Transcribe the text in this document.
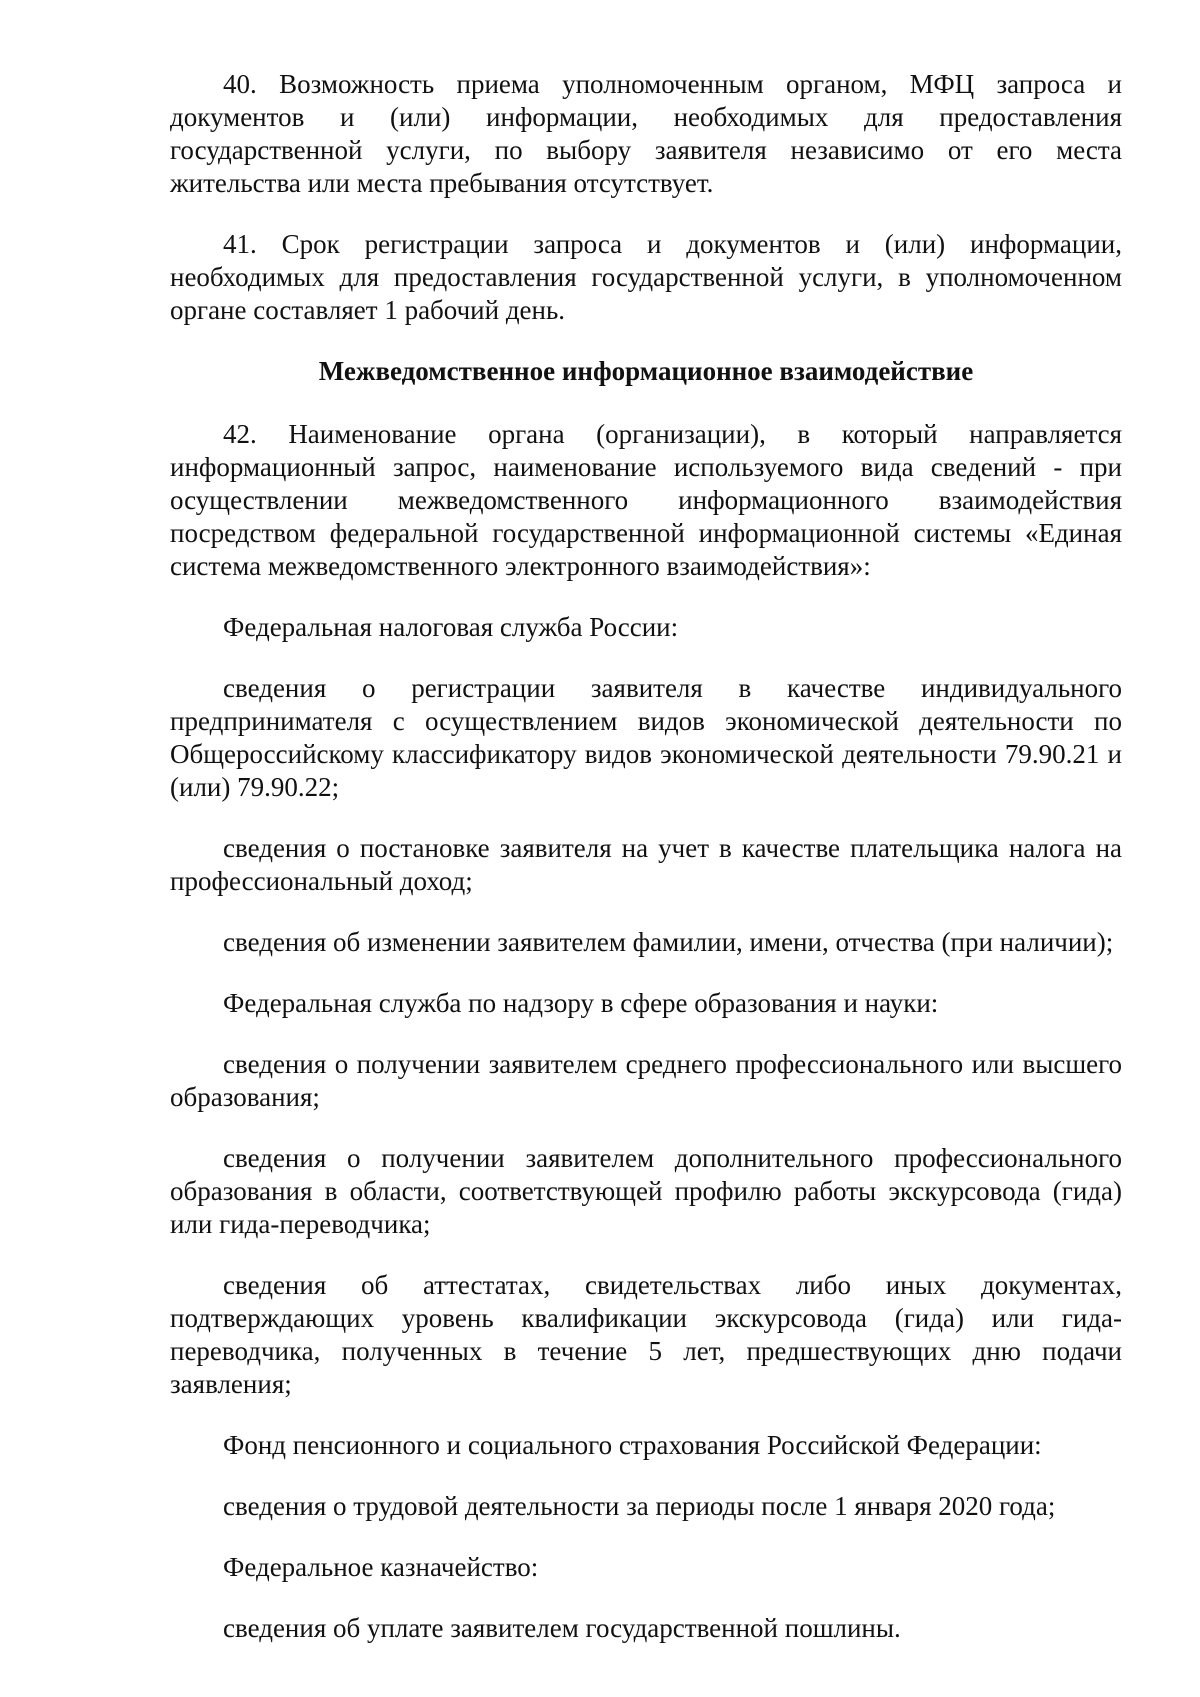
40. Возможность приема уполномоченным органом, МФЦ запроса и документов и (или) информации, необходимых для предоставления государственной услуги, по выбору заявителя независимо от его места жительства или места пребывания отсутствует.

41. Срок регистрации запроса и документов и (или) информации, необходимых для предоставления государственной услуги, в уполномоченном органе составляет 1 рабочий день.

Межведомственное информационное взаимодействие

42. Наименование органа (организации), в который направляется информационный запрос, наименование используемого вида сведений - при осуществлении межведомственного информационного взаимодействия посредством федеральной государственной информационной системы «Единая система межведомственного электронного взаимодействия»:

Федеральная налоговая служба России:

сведения о регистрации заявителя в качестве индивидуального предпринимателя с осуществлением видов экономической деятельности по Общероссийскому классификатору видов экономической деятельности 79.90.21 и (или) 79.90.22;

сведения о постановке заявителя на учет в качестве плательщика налога на профессиональный доход;

сведения об изменении заявителем фамилии, имени, отчества (при наличии);

Федеральная служба по надзору в сфере образования и науки:

сведения о получении заявителем среднего профессионального или высшего образования;

сведения о получении заявителем дополнительного профессионального образования в области, соответствующей профилю работы экскурсовода (гида) или гида-переводчика;

сведения об аттестатах, свидетельствах либо иных документах, подтверждающих уровень квалификации экскурсовода (гида) или гида-переводчика, полученных в течение 5 лет, предшествующих дню подачи заявления;

Фонд пенсионного и социального страхования Российской Федерации:

сведения о трудовой деятельности за периоды после 1 января 2020 года;

Федеральное казначейство:

сведения об уплате заявителем государственной пошлины.
